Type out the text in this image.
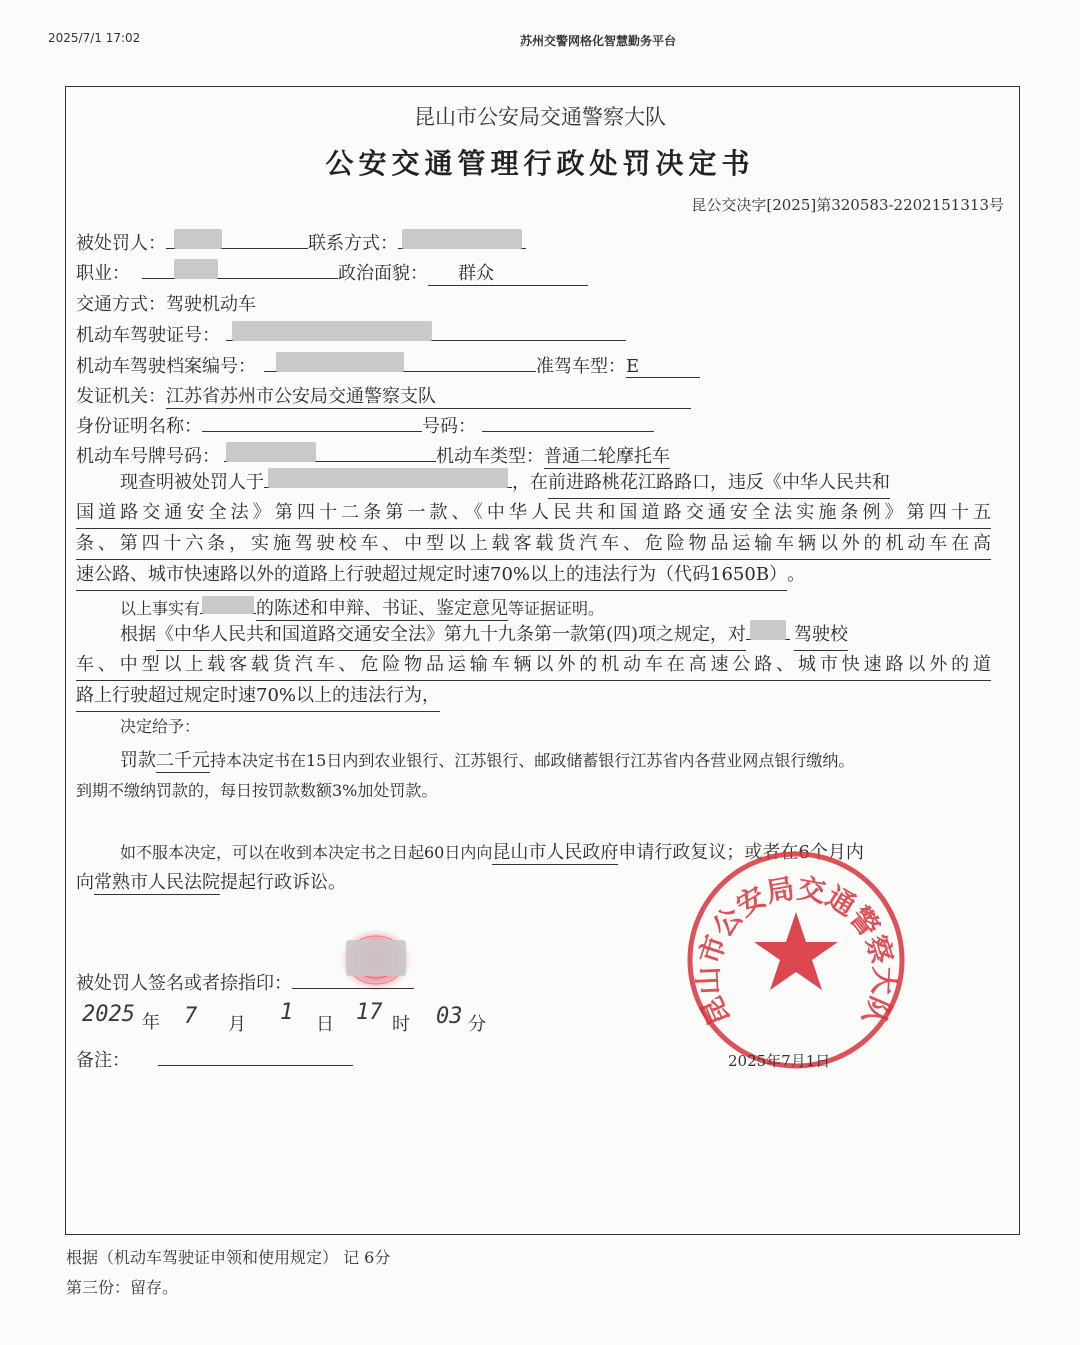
2025/7/1 17:02	苏州交警网格化智慧勤务平台
昆山市公安局交通警察大队
公安交通管理行政处罚决定书
昆公交决字[2025]第320583-2202151313号
被处罚人：	联系方式：
职业：	政治面貌： 群众
交通方式：驾驶机动车
机动车驾驶证号：
机动车驾驶档案编号：	准驾车型：E
发证机关：江苏省苏州市公安局交通警察支队
身份证明名称：	号码：
机动车号牌号码：	机动车类型：普通二轮摩托车
现查明被处罚人于	，在前进路桃花江路路口，违反《中华人民共和
国道路交通安全法》第四十二条第一款、《中华人民共和国道路交通安全法实施条例》第四十五
条、第四十六条，实施驾驶校车、中型以上载客载货汽车、危险物品运输车辆以外的机动车在高
速公路、城市快速路以外的道路上行驶超过规定时速70%以上的违法行为（代码1650B）。
以上事实有	的陈述和申辩、书证、鉴定意见等证据证明。
根据《中华人民共和国道路交通安全法》第九十九条第一款第(四)项之规定，对	驾驶校
车、中型以上载客载货汽车、危险物品运输车辆以外的机动车在高速公路、城市快速路以外的道
路上行驶超过规定时速70%以上的违法行为，
决定给予：
罚款二千元持本决定书在15日内到农业银行、江苏银行、邮政储蓄银行江苏省内各营业网点银行缴纳。
到期不缴纳罚款的，每日按罚款数额3%加处罚款。
如不服本决定，可以在收到本决定书之日起60日内向昆山市人民政府申请行政复议；或者在6个月内
向常熟市人民法院提起行政诉讼。
被处罚人签名或者捺指印：
2025 年 7 月 1 日 17 时 03 分
备注：
昆山市公安局交通警察大队
2025年7月1日
根据（机动车驾驶证申领和使用规定） 记 6分
第三份：留存。
